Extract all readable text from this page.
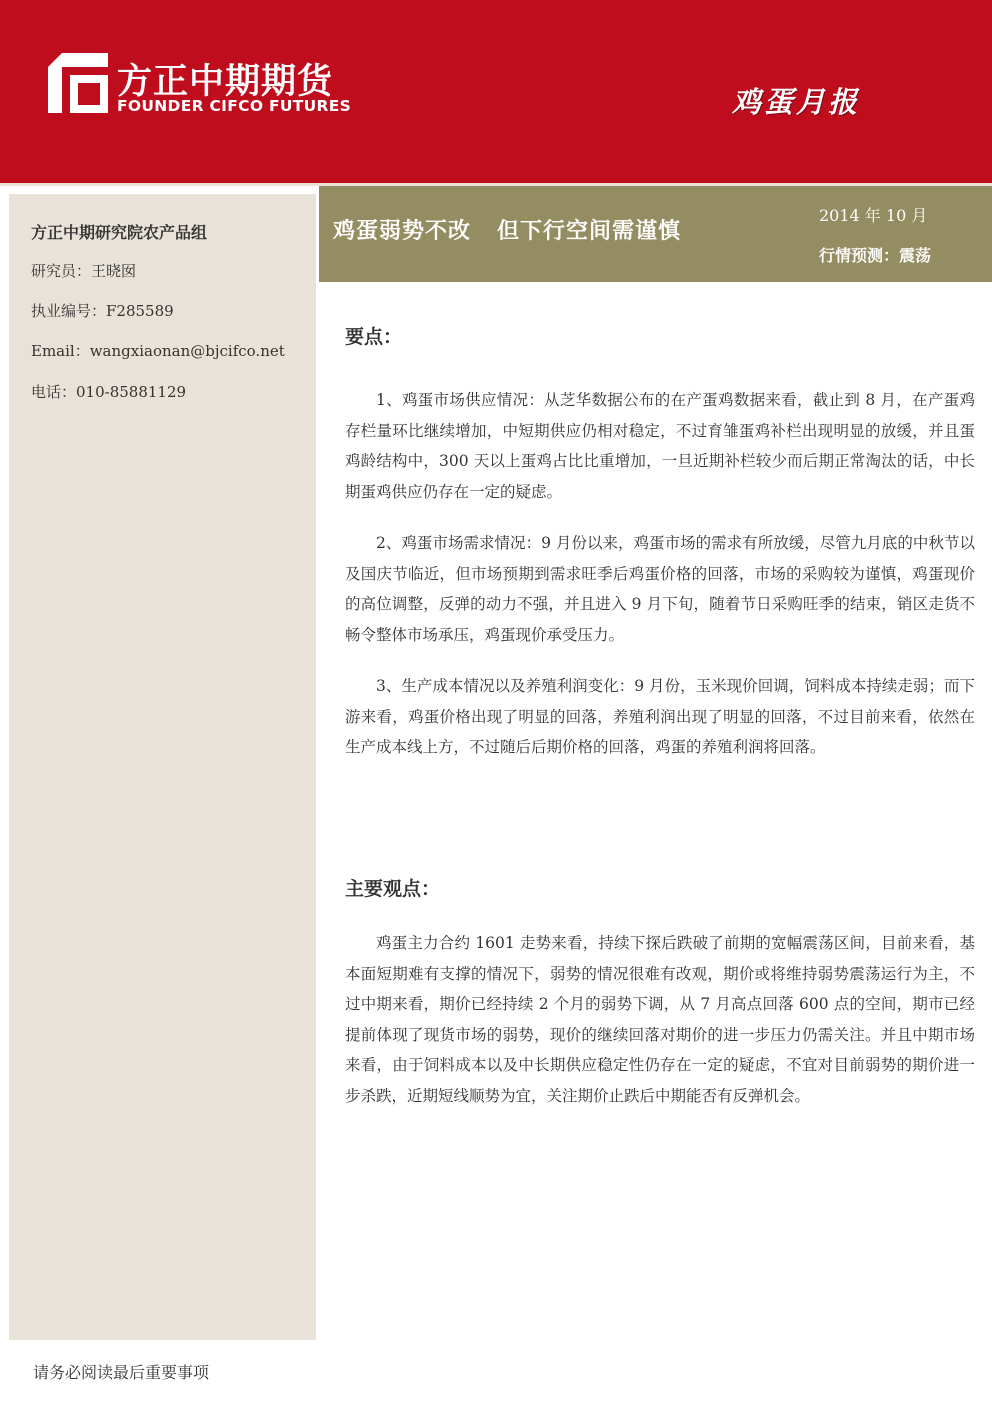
方正中期期货
FOUNDER CIFCO FUTURES	鸡蛋月报
方正中期研究院农产品组
研究员：王晓囡
执业编号：F285589
Email：wangxiaonan@bjcifco.net
电话：010-85881129
鸡蛋弱势不改 但下行空间需谨慎
2014 年 10 月
行情预测：震荡
要点：

1、鸡蛋市场供应情况：从芝华数据公布的在产蛋鸡数据来看，截止到 8 月，在产蛋鸡存栏量环比继续增加，中短期供应仍相对稳定，不过育雏蛋鸡补栏出现明显的放缓，并且蛋鸡龄结构中，300 天以上蛋鸡占比比重增加，一旦近期补栏较少而后期正常淘汰的话，中长期蛋鸡供应仍存在一定的疑虑。

2、鸡蛋市场需求情况：9 月份以来，鸡蛋市场的需求有所放缓，尽管九月底的中秋节以及国庆节临近，但市场预期到需求旺季后鸡蛋价格的回落，市场的采购较为谨慎，鸡蛋现价的高位调整，反弹的动力不强，并且进入 9 月下旬，随着节日采购旺季的结束，销区走货不畅令整体市场承压，鸡蛋现价承受压力。

3、生产成本情况以及养殖利润变化：9 月份，玉米现价回调，饲料成本持续走弱；而下游来看，鸡蛋价格出现了明显的回落，养殖利润出现了明显的回落，不过目前来看，依然在生产成本线上方，不过随后后期价格的回落，鸡蛋的养殖利润将回落。

主要观点：

鸡蛋主力合约 1601 走势来看，持续下探后跌破了前期的宽幅震荡区间，目前来看，基本面短期难有支撑的情况下，弱势的情况很难有改观，期价或将维持弱势震荡运行为主，不过中期来看，期价已经持续 2 个月的弱势下调，从 7 月高点回落 600 点的空间，期市已经提前体现了现货市场的弱势，现价的继续回落对期价的进一步压力仍需关注。并且中期市场来看，由于饲料成本以及中长期供应稳定性仍存在一定的疑虑，不宜对目前弱势的期价进一步杀跌，近期短线顺势为宜，关注期价止跌后中期能否有反弹机会。

请务必阅读最后重要事项
